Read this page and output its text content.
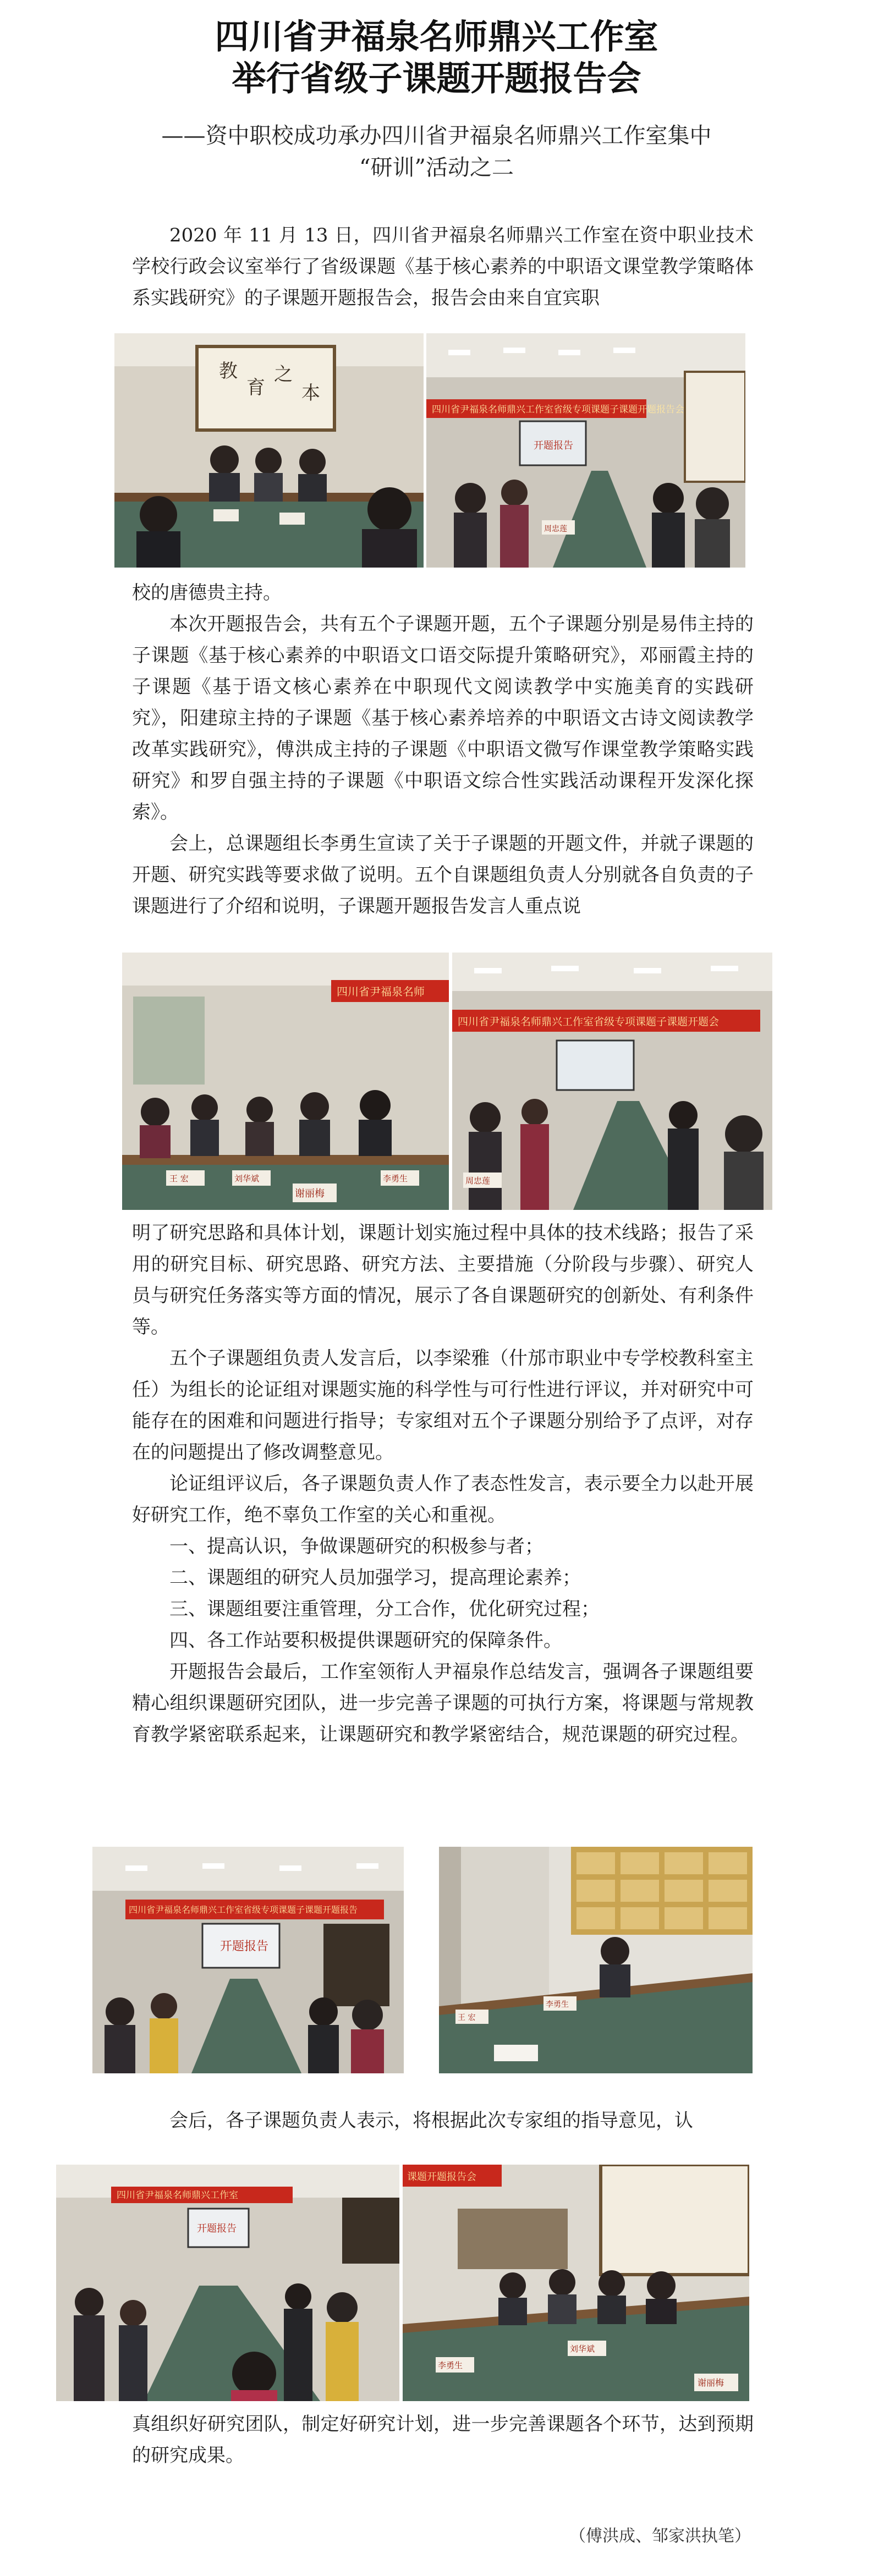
四川省尹福泉名师鼎兴工作室
举行省级子课题开题报告会
——资中职校成功承办四川省尹福泉名师鼎兴工作室集中
“研训”活动之二
2020 年 11 月 13 日，四川省尹福泉名师鼎兴工作室在资中职业技术学校行政会议室举行了省级课题《基于核心素养的中职语文课堂教学策略体系实践研究》的子课题开题报告会，报告会由来自宜宾职
教
育
之
本
四川省尹福泉名师鼎兴工作室省级专项课题子课题开题报告会
开题报告
周忠莲
校的唐德贵主持。
本次开题报告会，共有五个子课题开题，五个子课题分别是易伟主持的子课题《基于核心素养的中职语文口语交际提升策略研究》，邓丽霞主持的子课题《基于语文核心素养在中职现代文阅读教学中实施美育的实践研究》，阳建琼主持的子课题《基于核心素养培养的中职语文古诗文阅读教学改革实践研究》，傅洪成主持的子课题《中职语文微写作课堂教学策略实践研究》和罗自强主持的子课题《中职语文综合性实践活动课程开发深化探索》。
会上，总课题组长李勇生宣读了关于子课题的开题文件，并就子课题的开题、研究实践等要求做了说明。五个自课题组负责人分别就各自负责的子课题进行了介绍和说明，子课题开题报告发言人重点说
四川省尹福泉名师
王 宏	刘华斌
谢丽梅
李勇生
四川省尹福泉名师鼎兴工作室省级专项课题子课题开题会
周忠莲
明了研究思路和具体计划，课题计划实施过程中具体的技术线路；报告了采用的研究目标、研究思路、研究方法、主要措施（分阶段与步骤）、研究人员与研究任务落实等方面的情况，展示了各自课题研究的创新处、有利条件等。
五个子课题组负责人发言后，以李梁雅（什邡市职业中专学校教科室主任）为组长的论证组对课题实施的科学性与可行性进行评议，并对研究中可能存在的困难和问题进行指导；专家组对五个子课题分别给予了点评，对存在的问题提出了修改调整意见。
论证组评议后，各子课题负责人作了表态性发言，表示要全力以赴开展好研究工作，绝不辜负工作室的关心和重视。
一、提高认识，争做课题研究的积极参与者；
二、课题组的研究人员加强学习，提高理论素养；
三、课题组要注重管理，分工合作，优化研究过程；
四、各工作站要积极提供课题研究的保障条件。
开题报告会最后，工作室领衔人尹福泉作总结发言，强调各子课题组要精心组织课题研究团队，进一步完善子课题的可执行方案，将课题与常规教育教学紧密联系起来，让课题研究和教学紧密结合，规范课题的研究过程。
四川省尹福泉名师鼎兴工作室省级专项课题子课题开题报告
开题报告
王 宏
李勇生
会后，各子课题负责人表示，将根据此次专家组的指导意见，认
四川省尹福泉名师鼎兴工作室
开题报告
课题开题报告会
李勇生
刘华斌
谢丽梅
真组织好研究团队，制定好研究计划，进一步完善课题各个环节，达到预期的研究成果。
（傅洪成、邹家洪执笔）
